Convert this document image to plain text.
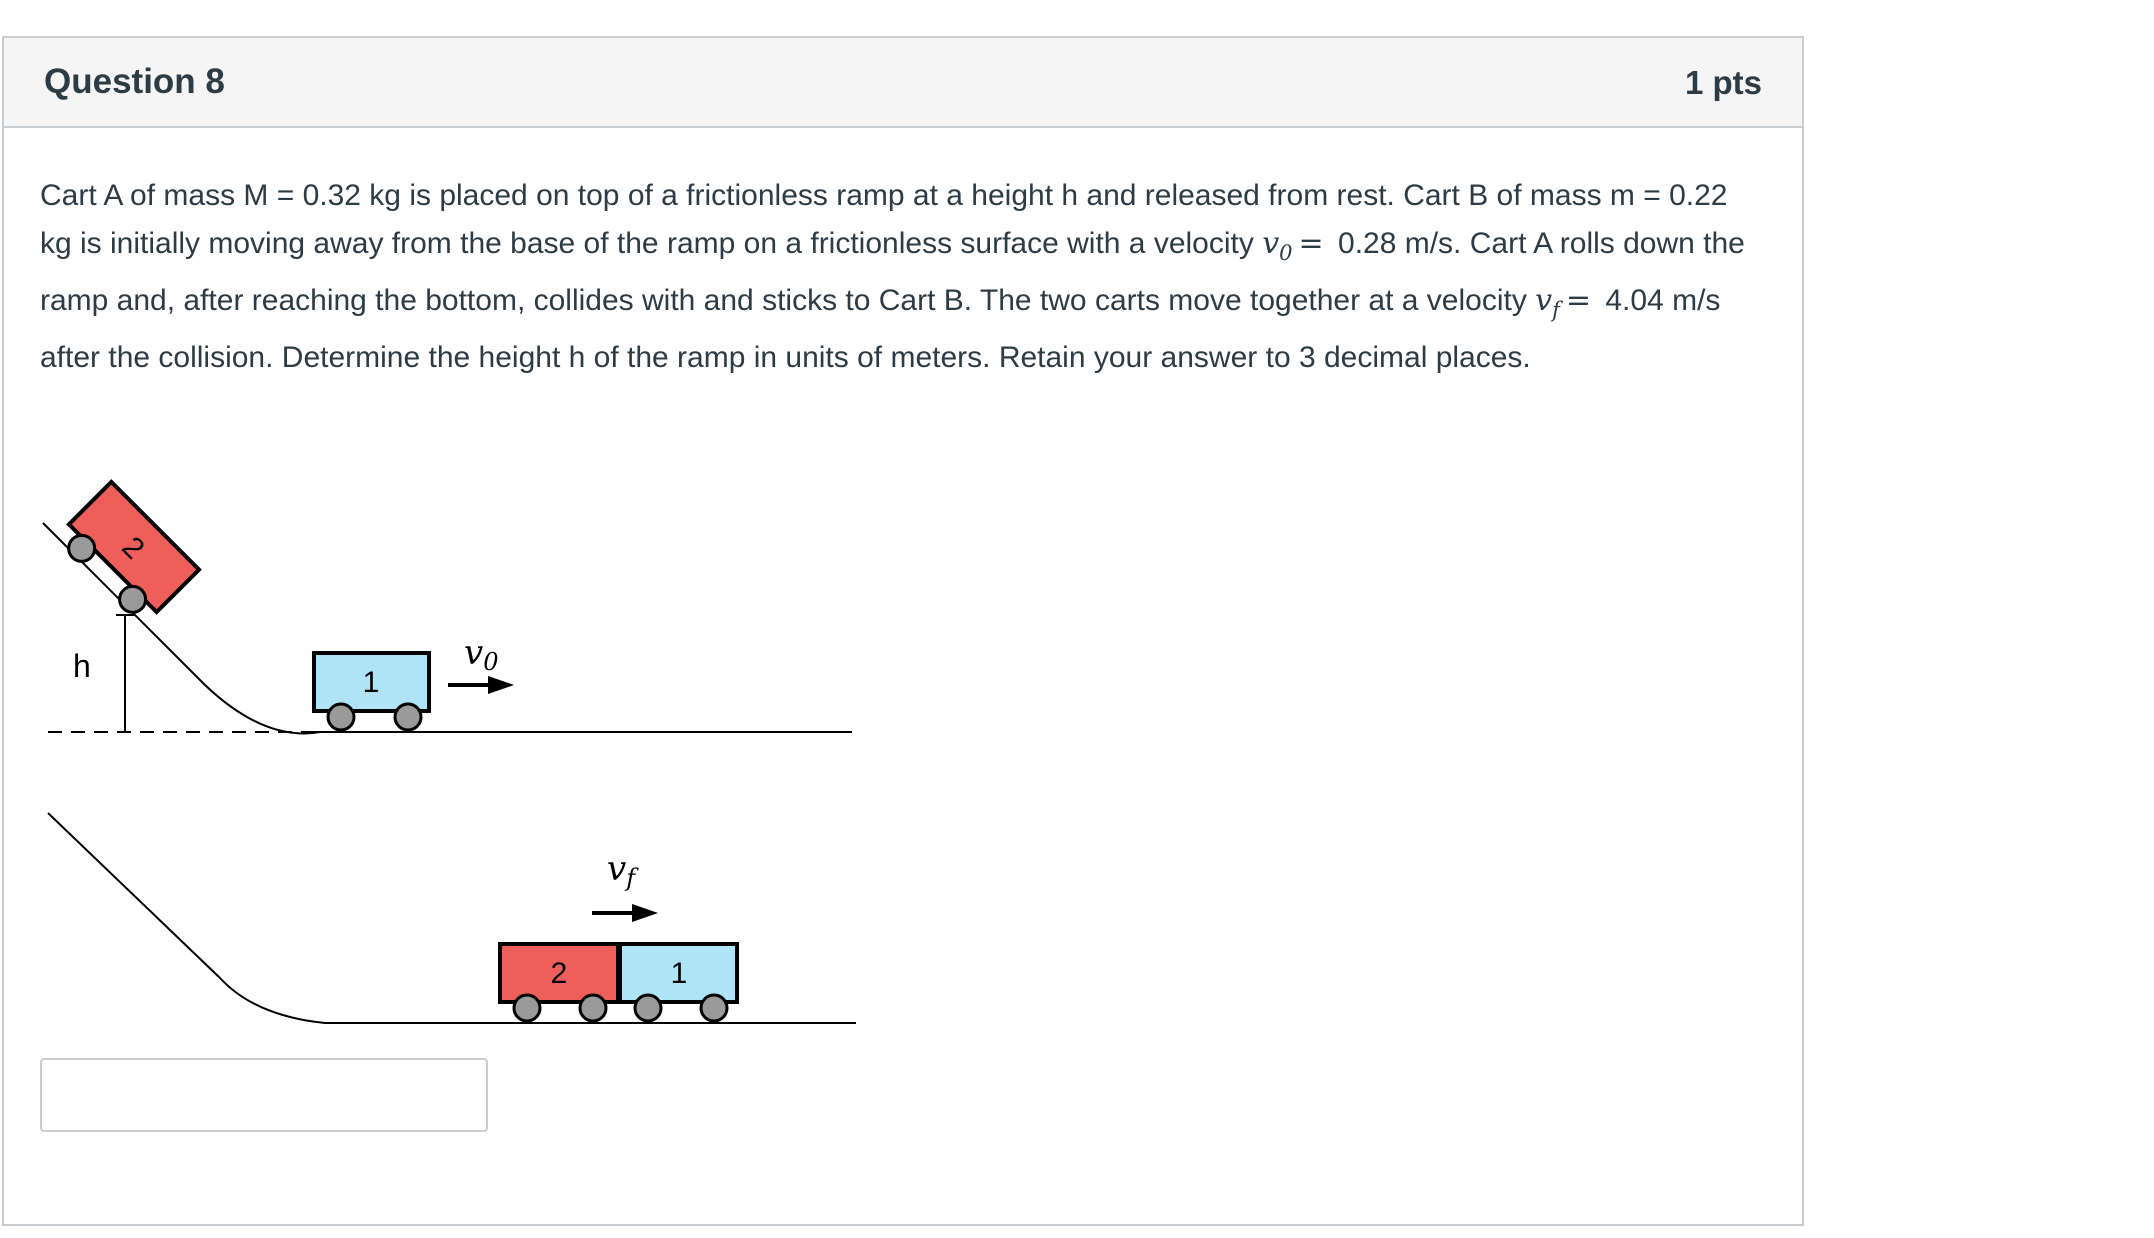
Question 8	1 pts

Cart A of mass M = 0.32 kg is placed on top of a frictionless ramp at a height h and released from rest. Cart B of mass m = 0.22 kg is initially moving away from the base of the ramp on a frictionless surface with a velocity $v_0 = 0.28$ m/s. Cart A rolls down the ramp and, after reaching the bottom, collides with and sticks to Cart B. The two carts move together at a velocity $v_f = 4.04$ m/s after the collision. Determine the height h of the ramp in units of meters. Retain your answer to 3 decimal places.

h
2
1
v0
vf
2	1
